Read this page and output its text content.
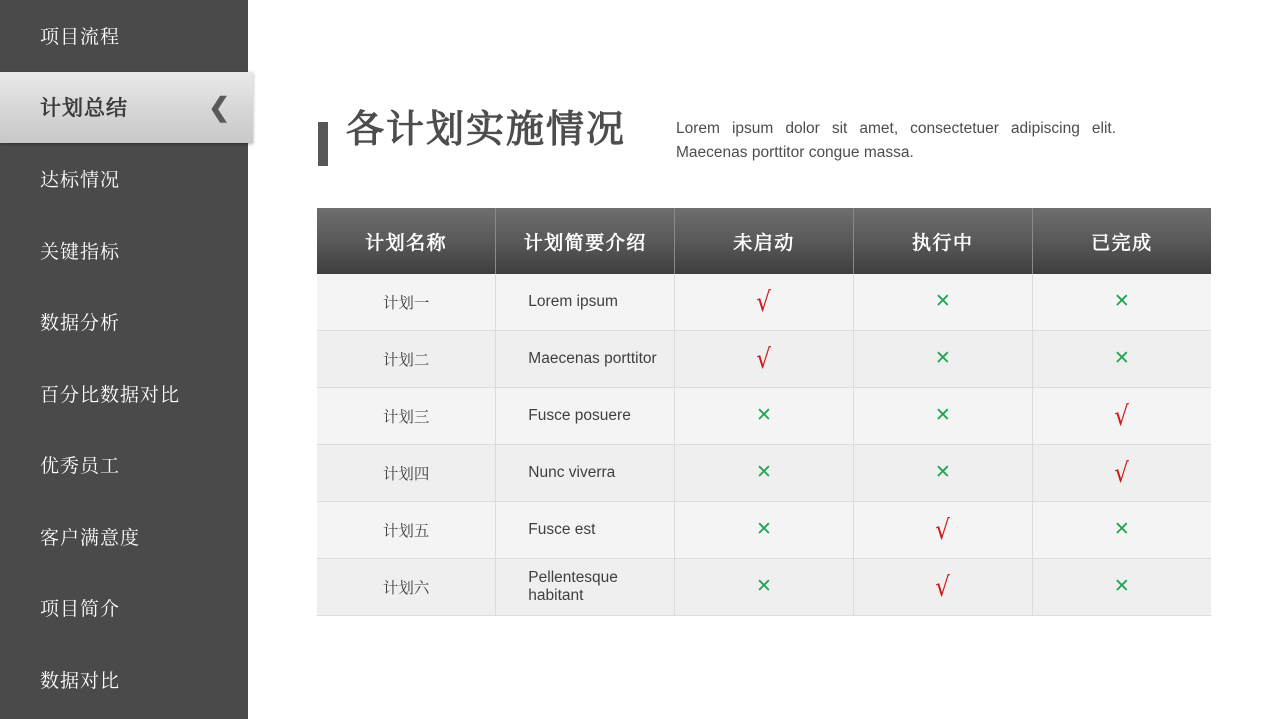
项目流程
计划总结	❮
达标情况
关键指标
数据分析
百分比数据对比
优秀员工
客户满意度
项目简介
数据对比
各计划实施情况	Lorem ipsum dolor sit amet, consectetuer adipiscing elit. Maecenas porttitor congue massa.
计划名称	计划简要介绍	未启动	执行中	已完成
计划一	Lorem ipsum	√	✕	✕
计划二	Maecenas porttitor	√	✕	✕
计划三	Fusce posuere	✕	✕	√
计划四	Nunc viverra	✕	✕	√
计划五	Fusce est	✕	√	✕
计划六	Pellentesque habitant	✕	√	✕
